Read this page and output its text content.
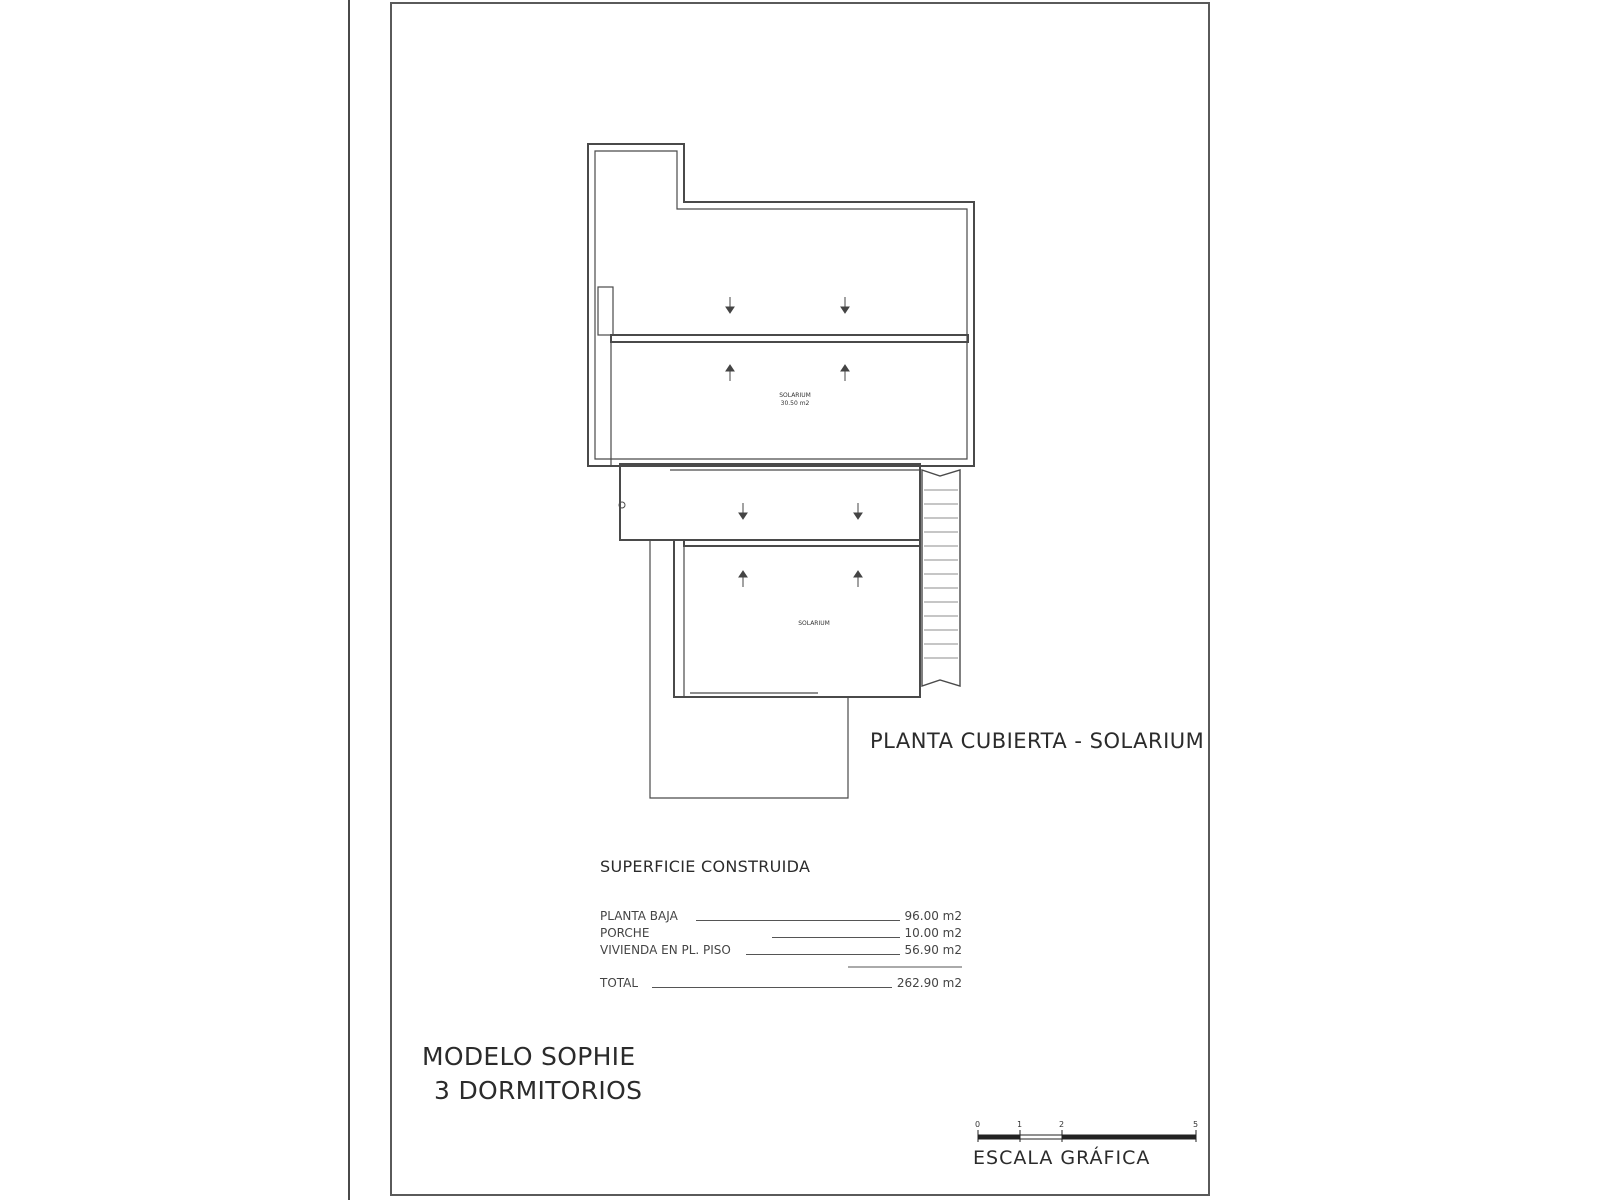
SOLARIUM
30.50 m2
SOLARIUM
PLANTA CUBIERTA - SOLARIUM
SUPERFICIE CONSTRUIDA
PLANTA BAJA	96.00 m2
PORCHE	10.00 m2
VIVIENDA EN PL. PISO	56.90 m2
TOTAL	262.90 m2
MODELO SOPHIE
3 DORMITORIOS
0	1	2	5
ESCALA GRÁFICA
